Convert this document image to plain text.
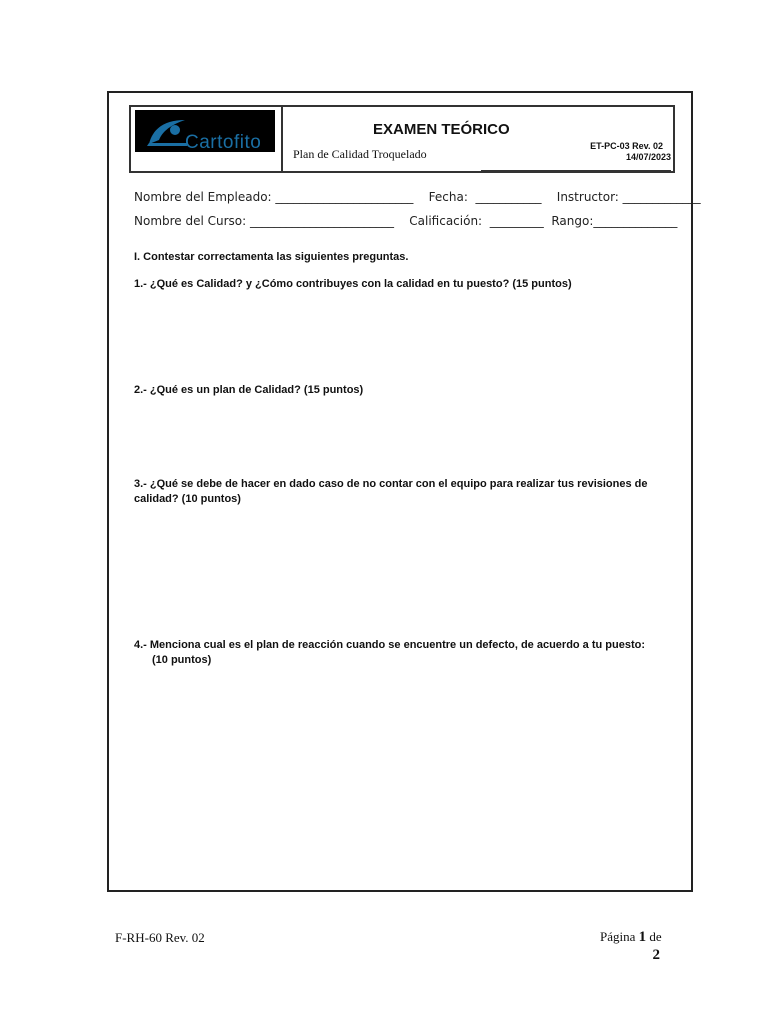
Cartofito
EXAMEN TEÓRICO
Plan de Calidad Troquelado
ET-PC-03 Rev. 02
14/07/2023
Nombre del Empleado: _______________________    Fecha:  ___________    Instructor: _____________
Nombre del Curso: ________________________    Calificación:  _________  Rango:______________
I. Contestar correctamenta las siguientes preguntas.
1.- ¿Qué es Calidad? y ¿Cómo contribuyes con la calidad en tu puesto? (15 puntos)
2.- ¿Qué es un plan de Calidad? (15 puntos)
3.- ¿Qué se debe de hacer en dado caso de no contar con el equipo para realizar tus revisiones de calidad? (10 puntos)
4.- Menciona cual es el plan de reacción cuando se encuentre un defecto, de acuerdo a tu puesto:
(10 puntos)
F-RH-60 Rev. 02	Página 1 de
2
